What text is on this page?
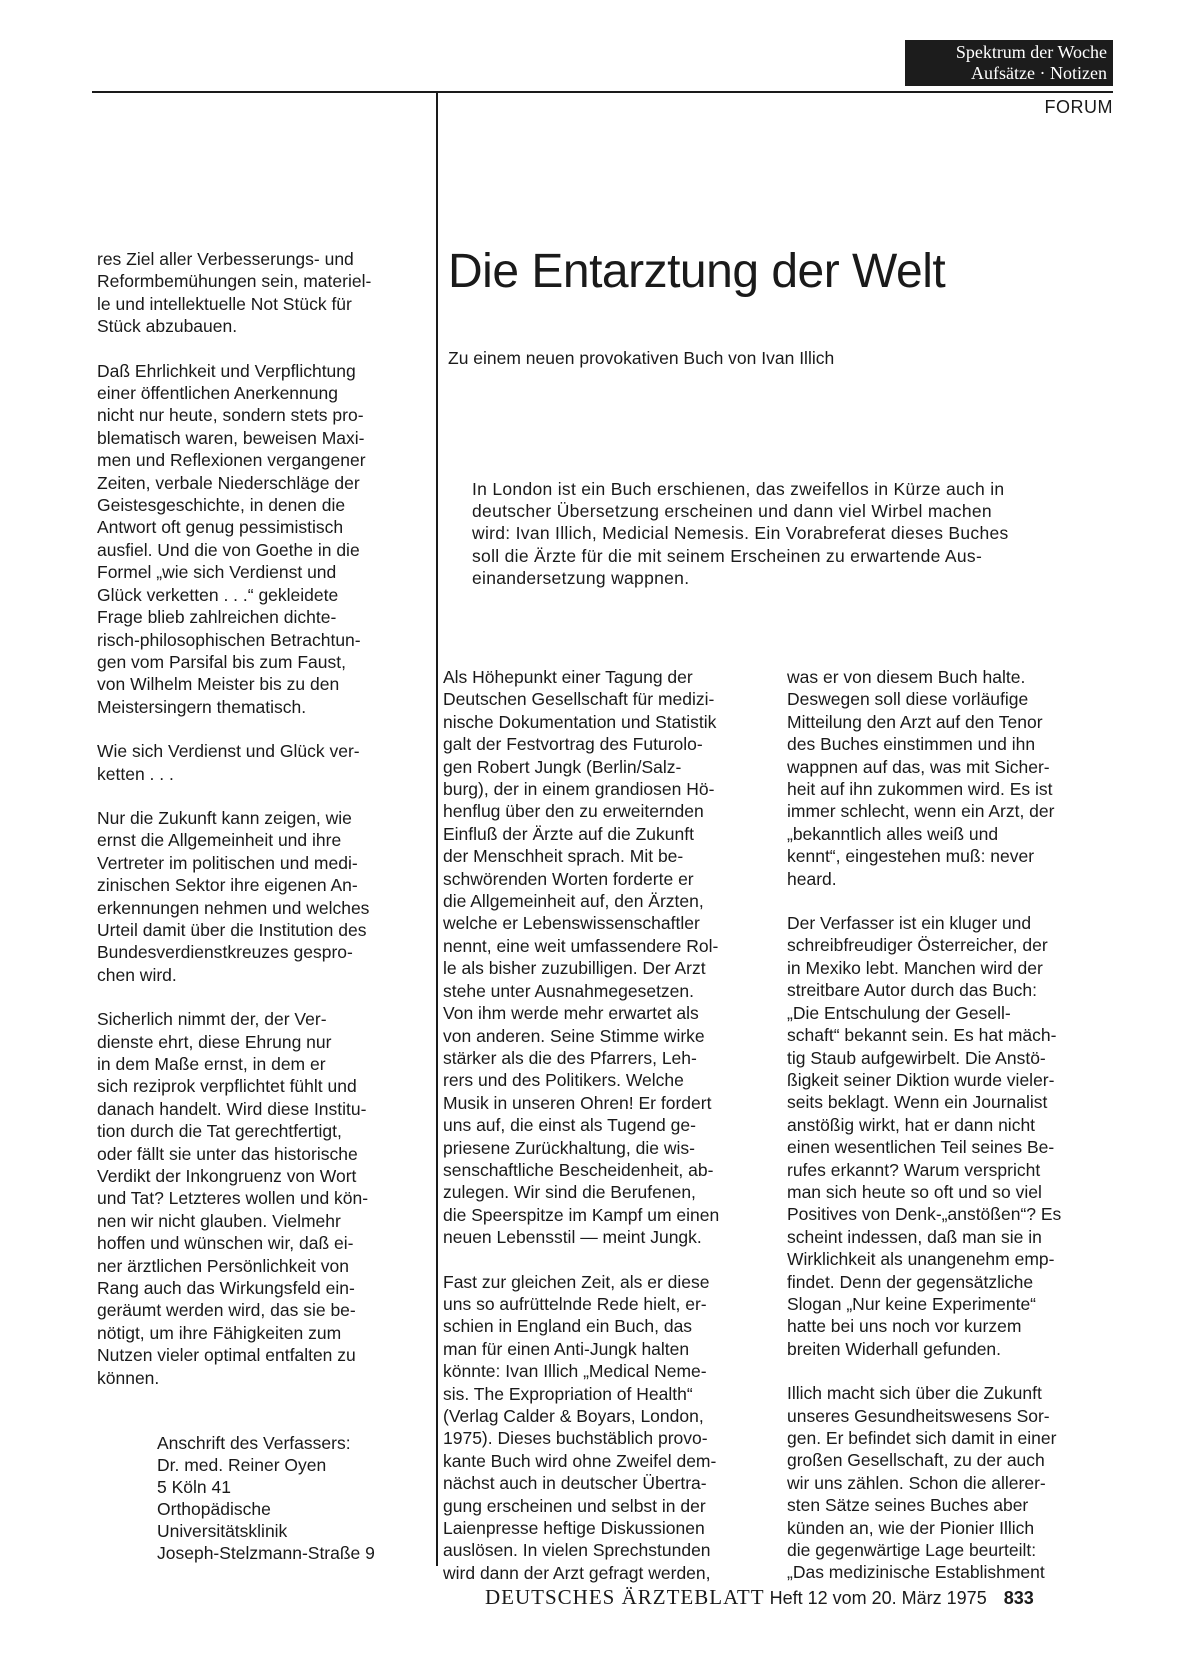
Spektrum der Woche
Aufsätze · Notizen
FORUM

res Ziel aller Verbesserungs- und
Reformbemühungen sein, materiel-
le und intellektuelle Not Stück für
Stück abzubauen.

Daß Ehrlichkeit und Verpflichtung
einer öffentlichen Anerkennung
nicht nur heute, sondern stets pro-
blematisch waren, beweisen Maxi-
men und Reflexionen vergangener
Zeiten, verbale Niederschläge der
Geistesgeschichte, in denen die
Antwort oft genug pessimistisch
ausfiel. Und die von Goethe in die
Formel „wie sich Verdienst und
Glück verketten . . .“ gekleidete
Frage blieb zahlreichen dichte-
risch-philosophischen Betrachtun-
gen vom Parsifal bis zum Faust,
von Wilhelm Meister bis zu den
Meistersingern thematisch.

Wie sich Verdienst und Glück ver-
ketten . . .

Nur die Zukunft kann zeigen, wie
ernst die Allgemeinheit und ihre
Vertreter im politischen und medi-
zinischen Sektor ihre eigenen An-
erkennungen nehmen und welches
Urteil damit über die Institution des
Bundesverdienstkreuzes gespro-
chen wird.

Sicherlich nimmt der, der Ver-
dienste ehrt, diese Ehrung nur
in dem Maße ernst, in dem er
sich reziprok verpflichtet fühlt und
danach handelt. Wird diese Institu-
tion durch die Tat gerechtfertigt,
oder fällt sie unter das historische
Verdikt der Inkongruenz von Wort
und Tat? Letzteres wollen und kön-
nen wir nicht glauben. Vielmehr
hoffen und wünschen wir, daß ei-
ner ärztlichen Persönlichkeit von
Rang auch das Wirkungsfeld ein-
geräumt werden wird, das sie be-
nötigt, um ihre Fähigkeiten zum
Nutzen vieler optimal entfalten zu
können.

Anschrift des Verfassers:
Dr. med. Reiner Oyen
5 Köln 41
Orthopädische
Universitätsklinik
Joseph-Stelzmann-Straße 9
Die Entarztung der Welt
Zu einem neuen provokativen Buch von Ivan Illich
In London ist ein Buch erschienen, das zweifellos in Kürze auch in
deutscher Übersetzung erscheinen und dann viel Wirbel machen
wird: Ivan Illich, Medicial Nemesis. Ein Vorabreferat dieses Buches
soll die Ärzte für die mit seinem Erscheinen zu erwartende Aus-
einandersetzung wappnen.

Als Höhepunkt einer Tagung der
Deutschen Gesellschaft für medizi-
nische Dokumentation und Statistik
galt der Festvortrag des Futurolo-
gen Robert Jungk (Berlin/Salz-
burg), der in einem grandiosen Hö-
henflug über den zu erweiternden
Einfluß der Ärzte auf die Zukunft
der Menschheit sprach. Mit be-
schwörenden Worten forderte er
die Allgemeinheit auf, den Ärzten,
welche er Lebenswissenschaftler
nennt, eine weit umfassendere Rol-
le als bisher zuzubilligen. Der Arzt
stehe unter Ausnahmegesetzen.
Von ihm werde mehr erwartet als
von anderen. Seine Stimme wirke
stärker als die des Pfarrers, Leh-
rers und des Politikers. Welche
Musik in unseren Ohren! Er fordert
uns auf, die einst als Tugend ge-
priesene Zurückhaltung, die wis-
senschaftliche Bescheidenheit, ab-
zulegen. Wir sind die Berufenen,
die Speerspitze im Kampf um einen
neuen Lebensstil — meint Jungk.

Fast zur gleichen Zeit, als er diese
uns so aufrüttelnde Rede hielt, er-
schien in England ein Buch, das
man für einen Anti-Jungk halten
könnte: Ivan Illich „Medical Neme-
sis. The Expropriation of Health“
(Verlag Calder & Boyars, London,
1975). Dieses buchstäblich provo-
kante Buch wird ohne Zweifel dem-
nächst auch in deutscher Übertra-
gung erscheinen und selbst in der
Laienpresse heftige Diskussionen
auslösen. In vielen Sprechstunden
wird dann der Arzt gefragt werden,

was er von diesem Buch halte.
Deswegen soll diese vorläufige
Mitteilung den Arzt auf den Tenor
des Buches einstimmen und ihn
wappnen auf das, was mit Sicher-
heit auf ihn zukommen wird. Es ist
immer schlecht, wenn ein Arzt, der
„bekanntlich alles weiß und
kennt“, eingestehen muß: never
heard.

Der Verfasser ist ein kluger und
schreibfreudiger Österreicher, der
in Mexiko lebt. Manchen wird der
streitbare Autor durch das Buch:
„Die Entschulung der Gesell-
schaft“ bekannt sein. Es hat mäch-
tig Staub aufgewirbelt. Die Anstö-
ßigkeit seiner Diktion wurde vieler-
seits beklagt. Wenn ein Journalist
anstößig wirkt, hat er dann nicht
einen wesentlichen Teil seines Be-
rufes erkannt? Warum verspricht
man sich heute so oft und so viel
Positives von Denk-„anstößen“? Es
scheint indessen, daß man sie in
Wirklichkeit als unangenehm emp-
findet. Denn der gegensätzliche
Slogan „Nur keine Experimente“
hatte bei uns noch vor kurzem
breiten Widerhall gefunden.

Illich macht sich über die Zukunft
unseres Gesundheitswesens Sor-
gen. Er befindet sich damit in einer
großen Gesellschaft, zu der auch
wir uns zählen. Schon die allerer-
sten Sätze seines Buches aber
künden an, wie der Pionier Illich
die gegenwärtige Lage beurteilt:
„Das medizinische Establishment

DEUTSCHES ÄRZTEBLATT Heft 12 vom 20. März 1975 833
